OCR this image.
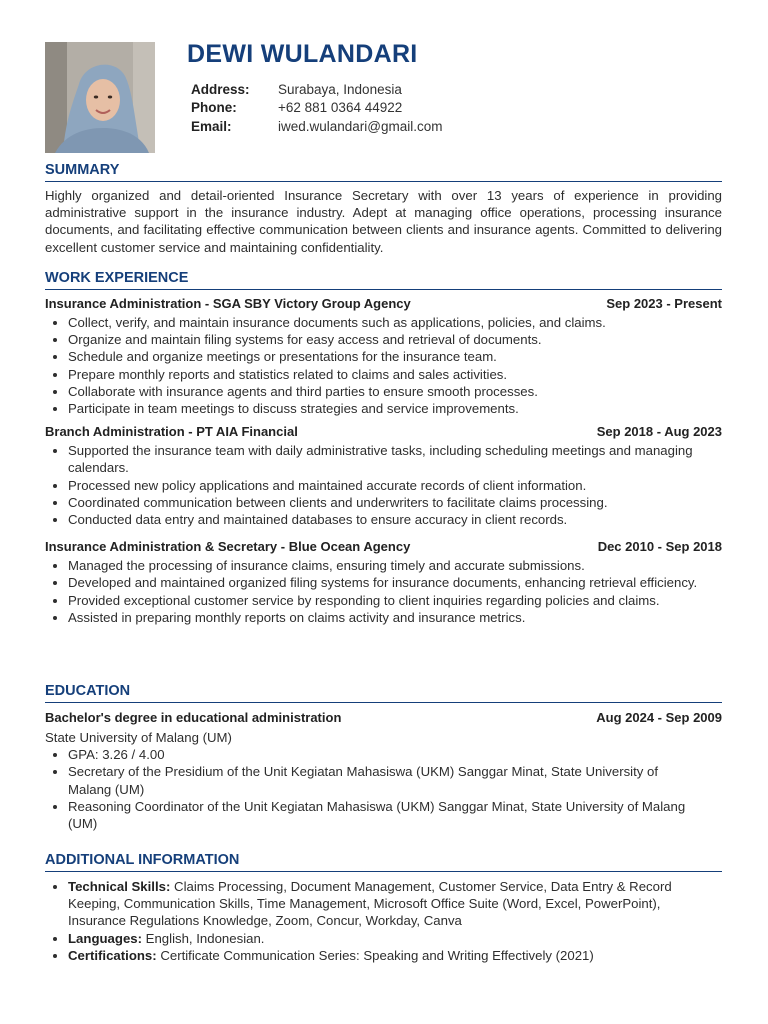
DEWI WULANDARI
Address:	Surabaya, Indonesia
Phone:	+62 881 0364 44922
Email:	iwed.wulandari@gmail.com
SUMMARY

Highly organized and detail-oriented Insurance Secretary with over 13 years of experience in providing administrative support in the insurance industry. Adept at managing office operations, processing insurance documents, and facilitating effective communication between clients and insurance agents. Committed to delivering excellent customer service and maintaining confidentiality.

WORK EXPERIENCE
Insurance Administration - SGA SBY Victory Group Agency	Sep 2023 - Present
• Collect, verify, and maintain insurance documents such as applications, policies, and claims.
• Organize and maintain filing systems for easy access and retrieval of documents.
• Schedule and organize meetings or presentations for the insurance team.
• Prepare monthly reports and statistics related to claims and sales activities.
• Collaborate with insurance agents and third parties to ensure smooth processes.
• Participate in team meetings to discuss strategies and service improvements.
Branch Administration - PT AIA Financial	Sep 2018 - Aug 2023
• Supported the insurance team with daily administrative tasks, including scheduling meetings and managing calendars.
• Processed new policy applications and maintained accurate records of client information.
• Coordinated communication between clients and underwriters to facilitate claims processing.
• Conducted data entry and maintained databases to ensure accuracy in client records.
Insurance Administration & Secretary - Blue Ocean Agency	Dec 2010 - Sep 2018
• Managed the processing of insurance claims, ensuring timely and accurate submissions.
• Developed and maintained organized filing systems for insurance documents, enhancing retrieval efficiency.
• Provided exceptional customer service by responding to client inquiries regarding policies and claims.
• Assisted in preparing monthly reports on claims activity and insurance metrics.
EDUCATION
Bachelor's degree in educational administration	Aug 2024 - Sep 2009
State University of Malang (UM)
• GPA: 3.26 / 4.00
• Secretary of the Presidium of the Unit Kegiatan Mahasiswa (UKM) Sanggar Minat, State University of Malang (UM)
• Reasoning Coordinator of the Unit Kegiatan Mahasiswa (UKM) Sanggar Minat, State University of Malang (UM)
ADDITIONAL INFORMATION
• Technical Skills: Claims Processing, Document Management, Customer Service, Data Entry & Record Keeping, Communication Skills, Time Management, Microsoft Office Suite (Word, Excel, PowerPoint), Insurance Regulations Knowledge, Zoom, Concur, Workday, Canva
• Languages: English, Indonesian.
• Certifications: Certificate Communication Series: Speaking and Writing Effectively (2021)
